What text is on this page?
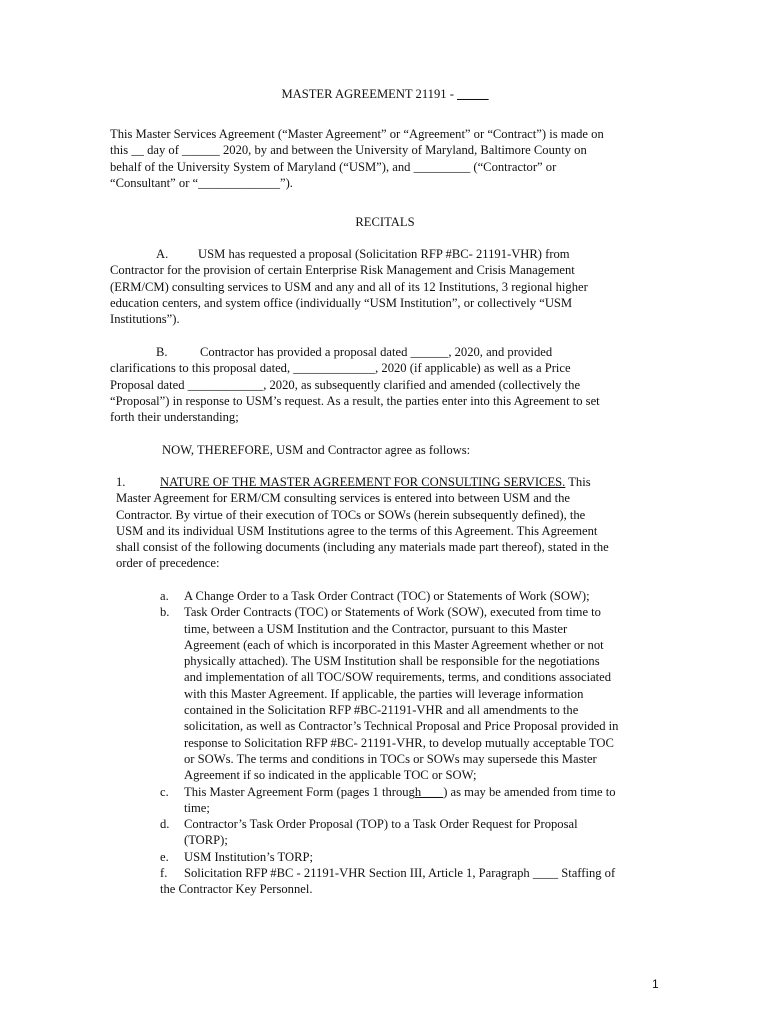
MASTER AGREEMENT 21191 - _____
This Master Services Agreement (“Master Agreement” or “Agreement” or “Contract”) is made on
this __ day of ______ 2020, by and between the University of Maryland, Baltimore County on
behalf of the University System of Maryland (“USM”), and _________ (“Contractor” or
“Consultant” or “_____________”).
RECITALS
A. USM has requested a proposal (Solicitation RFP #BC- 21191-VHR) from
Contractor for the provision of certain Enterprise Risk Management and Crisis Management
(ERM/CM) consulting services to USM and any and all of its 12 Institutions, 3 regional higher
education centers, and system office (individually “USM Institution”, or collectively “USM
Institutions”).
B.	Contractor has provided a proposal dated ______, 2020, and provided
clarifications to this proposal dated, _____________, 2020 (if applicable) as well as a Price
Proposal dated ____________, 2020, as subsequently clarified and amended (collectively the
“Proposal”) in response to USM’s request. As a result, the parties enter into this Agreement to set
forth their understanding;
NOW, THEREFORE, USM and Contractor agree as follows:
1.	NATURE OF THE MASTER AGREEMENT FOR CONSULTING SERVICES. This
Master Agreement for ERM/CM consulting services is entered into between USM and the
Contractor. By virtue of their execution of TOCs or SOWs (herein subsequently defined), the
USM and its individual USM Institutions agree to the terms of this Agreement. This Agreement
shall consist of the following documents (including any materials made part thereof), stated in the
order of precedence:
a. A Change Order to a Task Order Contract (TOC) or Statements of Work (SOW);
b. Task Order Contracts (TOC) or Statements of Work (SOW), executed from time to
time, between a USM Institution and the Contractor, pursuant to this Master
Agreement (each of which is incorporated in this Master Agreement whether or not
physically attached). The USM Institution shall be responsible for the negotiations
and implementation of all TOC/SOW requirements, terms, and conditions associated
with this Master Agreement. If applicable, the parties will leverage information
contained in the Solicitation RFP #BC-21191-VHR and all amendments to the
solicitation, as well as Contractor’s Technical Proposal and Price Proposal provided in
response to Solicitation RFP #BC- 21191-VHR, to develop mutually acceptable TOC
or SOWs. The terms and conditions in TOCs or SOWs may supersede this Master
Agreement if so indicated in the applicable TOC or SOW;
c. This Master Agreement Form (pages 1 through ___) as may be amended from time to
time;
d. Contractor’s Task Order Proposal (TOP) to a Task Order Request for Proposal
(TORP);
e. USM Institution’s TORP;
f. Solicitation RFP #BC - 21191-VHR Section III, Article 1, Paragraph ____ Staffing of
the Contractor Key Personnel.
1
